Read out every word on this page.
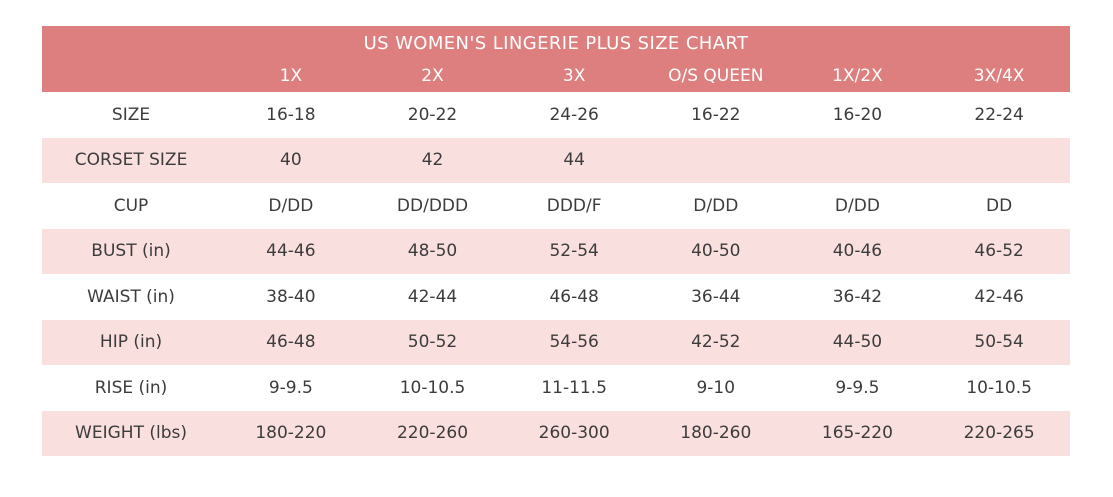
US WOMEN'S LINGERIE PLUS SIZE CHART						
	1X	2X	3X	O/S QUEEN	1X/2X	3X/4X
SIZE	16-18	20-22	24-26	16-22	16-20	22-24
CORSET SIZE	40	42	44			
CUP	D/DD	DD/DDD	DDD/F	D/DD	D/DD	DD
BUST (in)	44-46	48-50	52-54	40-50	40-46	46-52
WAIST (in)	38-40	42-44	46-48	36-44	36-42	42-46
HIP (in)	46-48	50-52	54-56	42-52	44-50	50-54
RISE (in)	9-9.5	10-10.5	11-11.5	9-10	9-9.5	10-10.5
WEIGHT (lbs)	180-220	220-260	260-300	180-260	165-220	220-265
